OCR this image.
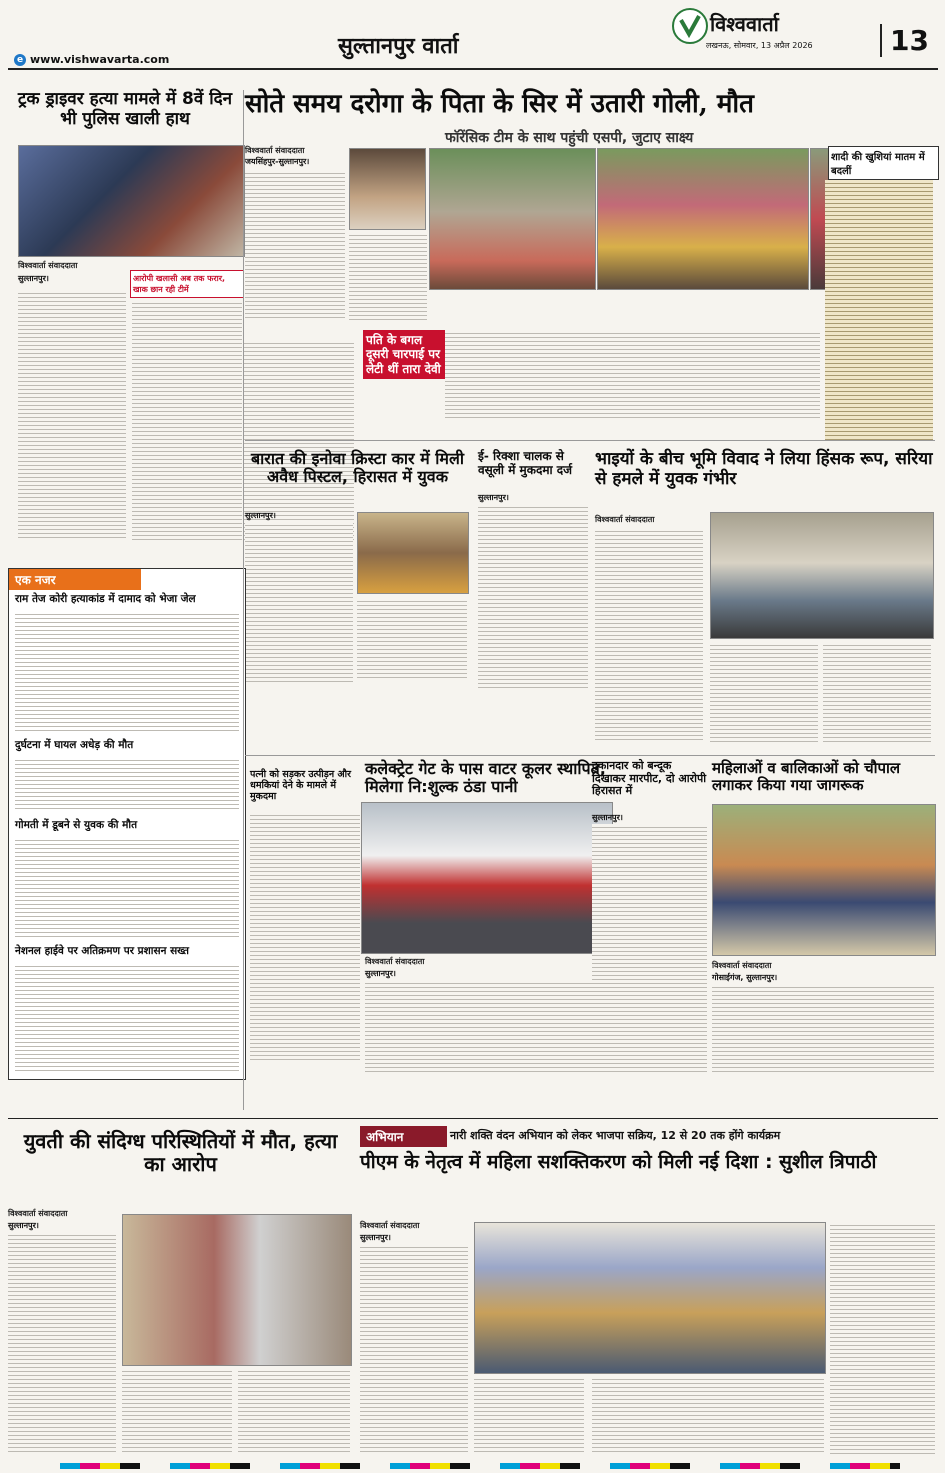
सुल्तानपुर वार्ता
e www.vishwavarta.com
विश्ववार्ता
लखनऊ, सोमवार, 13 अप्रैल 2026	13
ट्रक ड्राइवर हत्या मामले में 8वें दिन भी पुलिस खाली हाथ
विश्ववार्ता संवाददाता
आरोपी खलासी अब तक फरार, खाक छान रही टीमें
सुल्तानपुर।
सोते समय दरोगा के पिता के सिर में उतारी गोली, मौत
फॉरेंसिक टीम के साथ पहुंची एसपी, जुटाए साक्ष्य
विश्ववार्ता संवाददाता
जयसिंहपुर-सुल्तानपुर।	शादी की खुशियां मातम में बदलीं
पति के बगल दूसरी चारपाई पर लेटी थीं तारा देवी
बारात की इनोवा क्रिस्टा कार में मिली अवैध पिस्टल, हिरासत में युवक
सुल्तानपुर।
ई- रिक्शा चालक से वसूली में मुकदमा दर्ज
सुल्तानपुर।
भाइयों के बीच भूमि विवाद ने लिया हिंसक रूप, सरिया से हमले में युवक गंभीर
विश्ववार्ता संवाददाता
एक नजर
राम तेज कोरी हत्याकांड में दामाद को भेजा जेल
दुर्घटना में घायल अधेड़ की मौत
गोमती में डूबने से युवक की मौत
नेशनल हाईवे पर अतिक्रमण पर प्रशासन सख्त
पत्नी को सड़कर उत्पीड़न और धमकियां देने के मामले में मुकदमा
कलेक्ट्रेट गेट के पास वाटर कूलर स्थापित, मिलेगा नि:शुल्क ठंडा पानी
विश्ववार्ता संवाददाता
सुल्तानपुर।
दुकानदार को बन्दूक दिखाकर मारपीट, दो आरोपी हिरासत में
सुल्तानपुर।
महिलाओं व बालिकाओं को चौपाल लगाकर किया गया जागरूक
विश्ववार्ता संवाददाता
गोसाईगंज, सुल्तानपुर।
युवती की संदिग्ध परिस्थितियों में मौत, हत्या का आरोप
विश्ववार्ता संवाददाता
सुल्तानपुर।
अभियान	नारी शक्ति वंदन अभियान को लेकर भाजपा सक्रिय, 12 से 20 तक होंगे कार्यक्रम
पीएम के नेतृत्व में महिला सशक्तिकरण को मिली नई दिशा : सुशील त्रिपाठी
विश्ववार्ता संवाददाता
सुल्तानपुर।
